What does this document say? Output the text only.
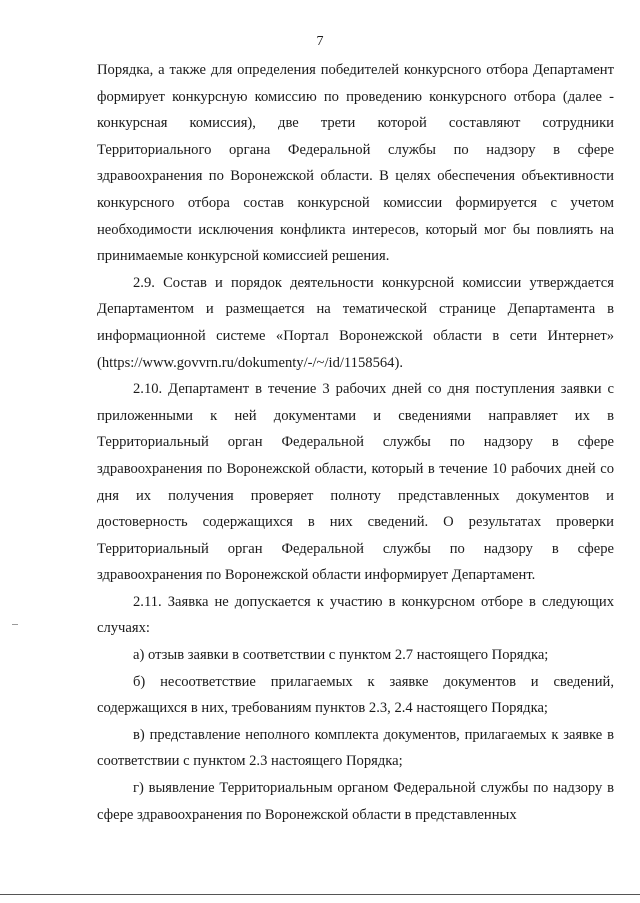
7

Порядка, а также для определения победителей конкурсного отбора Департамент формирует конкурсную комиссию по проведению конкурсного отбора (далее - конкурсная комиссия), две трети которой составляют сотрудники Территориального органа Федеральной службы по надзору в сфере здравоохранения по Воронежской области. В целях обеспечения объективности конкурсного отбора состав конкурсной комиссии формируется с учетом необходимости исключения конфликта интересов, который мог бы повлиять на принимаемые конкурсной комиссией решения.

2.9. Состав и порядок деятельности конкурсной комиссии утверждается Департаментом и размещается на тематической странице Департамента в информационной системе «Портал Воронежской области в сети Интернет» (https://www.govvrn.ru/dokumenty/-/~/id/1158564).

2.10. Департамент в течение 3 рабочих дней со дня поступления заявки с приложенными к ней документами и сведениями направляет их в Территориальный орган Федеральной службы по надзору в сфере здравоохранения по Воронежской области, который в течение 10 рабочих дней со дня их получения проверяет полноту представленных документов и достоверность содержащихся в них сведений. О результатах проверки Территориальный орган Федеральной службы по надзору в сфере здравоохранения по Воронежской области информирует Департамент.

2.11. Заявка не допускается к участию в конкурсном отборе в следующих случаях:

а) отзыв заявки в соответствии с пунктом 2.7 настоящего Порядка;

б) несоответствие прилагаемых к заявке документов и сведений, содержащихся в них, требованиям пунктов 2.3, 2.4 настоящего Порядка;

в) представление неполного комплекта документов, прилагаемых к заявке в соответствии с пунктом 2.3 настоящего Порядка;

г) выявление Территориальным органом Федеральной службы по надзору в сфере здравоохранения по Воронежской области в представленных
